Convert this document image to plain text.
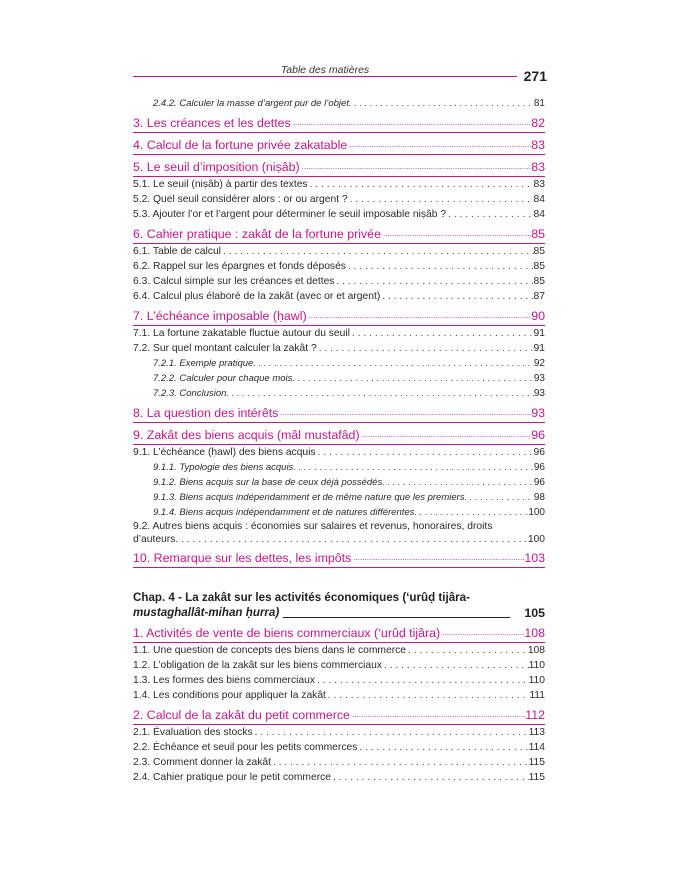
Table des matières	271
2.4.2. Calculer la masse d’argent pur de l’objet . .	81
3. Les créances et les dettes .....	82
4. Calcul de la fortune privée zakatable .....	83
5. Le seuil d’imposition (niṣâb) .....	83
5.1. Le seuil (niṣâb) à partir des textes . . .	83
5.2. Quel seuil considérer alors : or ou argent ? . . .	84
5.3. Ajouter l’or et l’argent pour déterminer le seuil imposable niṣâb ? . . .	84
6. Cahier pratique : zakât de la fortune privée .....	85
6.1. Table de calcul . . .	85
6.2. Rappel sur les épargnes et fonds déposés . . .	85
6.3. Calcul simple sur les créances et dettes . . .	85
6.4. Calcul plus élaboré de la zakât (avec or et argent) . . .	87
7. L’échéance imposable (ḥawl) .....	90
7.1. La fortune zakatable fluctue autour du seuil . . .	91
7.2. Sur quel montant calculer la zakât ? . . .	91
7.2.1. Exemple pratique . .	92
7.2.2. Calculer pour chaque mois . .	93
7.2.3. Conclusion . .	93
8. La question des intérêts .....	93
9. Zakât des biens acquis (mâl mustafâd) .....	96
9.1. L’échéance (ḥawl) des biens acquis . . .	96
9.1.1. Typologie des biens acquis . .	96
9.1.2. Biens acquis sur la base de ceux déjà possédés . .	96
9.1.3. Biens acquis indépendamment et de même nature que les premiers . .	98
9.1.4. Biens acquis indépendamment et de natures différentes . .	100
9.2. Autres biens acquis : économies sur salaires et revenus, honoraires, droits
d’auteurs . . .	100
10. Remarque sur les dettes, les impôts .....	103
Chap. 4 - La zakât sur les activités économiques (‘urûḍ tijâra-
mustaghallât-mihan ḥurra)	105
1. Activités de vente de biens commerciaux (‘urûḍ tijâra) .....	108
1.1. Une question de concepts des biens dans le commerce . . .	108
1.2. L’obligation de la zakât sur les biens commerciaux . . .	110
1.3. Les formes des biens commerciaux . . .	110
1.4. Les conditions pour appliquer la zakât . . .	111
2. Calcul de la zakât du petit commerce .....	112
2.1. Évaluation des stocks . . .	113
2.2. Échéance et seuil pour les petits commerces . . .	114
2.3. Comment donner la zakât . . .	115
2.4. Cahier pratique pour le petit commerce . . .	115
